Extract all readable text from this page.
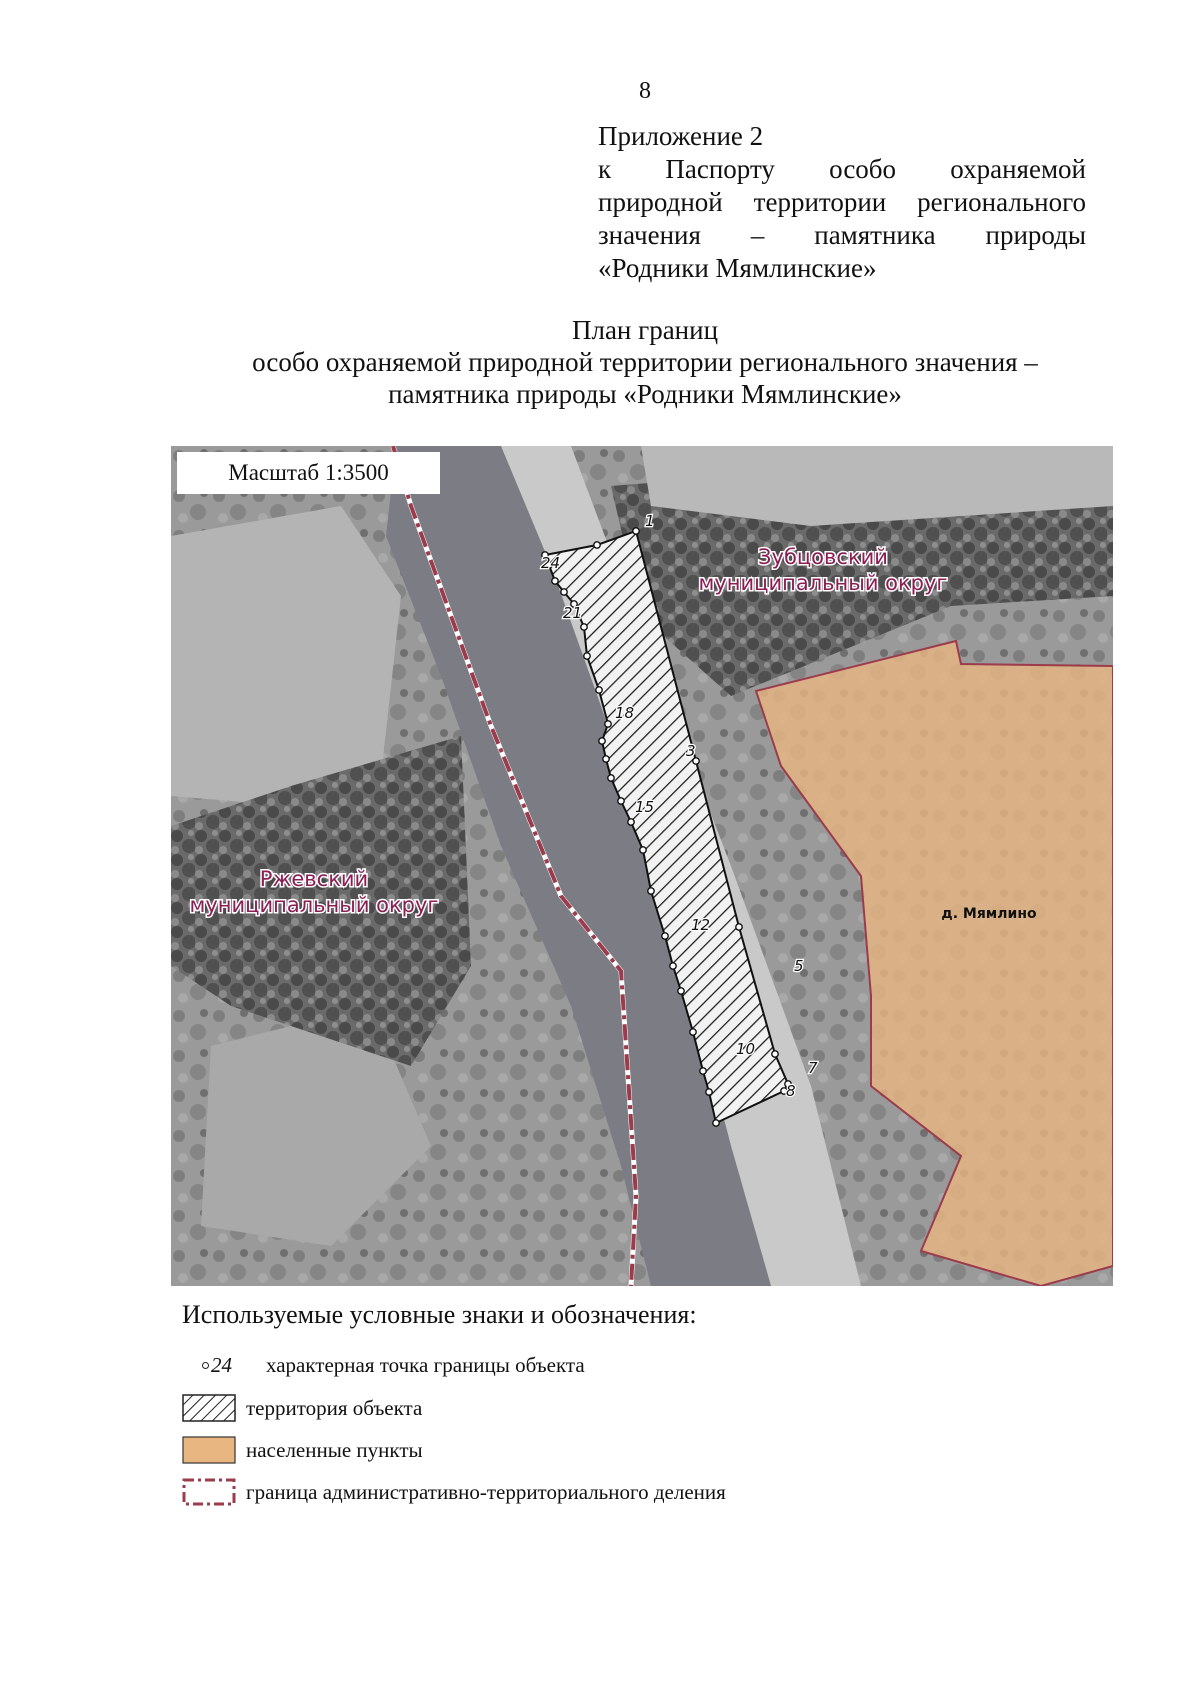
8
Приложение 2
к Паспорту особо охраняемой
природной территории регионального
значения – памятника природы
«Родники Мямлинские»
План границ
особо охраняемой природной территории регионального значения –
памятника природы «Родники Мямлинские»
1
24
21
18
3
15
12
5
10
7
8
Зубцовский
муниципальный округ
Ржевский
муниципальный округ	д. Мямлино
Масштаб 1:3500
Используемые условные знаки и обозначения:
24 характерная точка границы объекта
территория объекта
населенные пункты
граница административно-территориального деления
